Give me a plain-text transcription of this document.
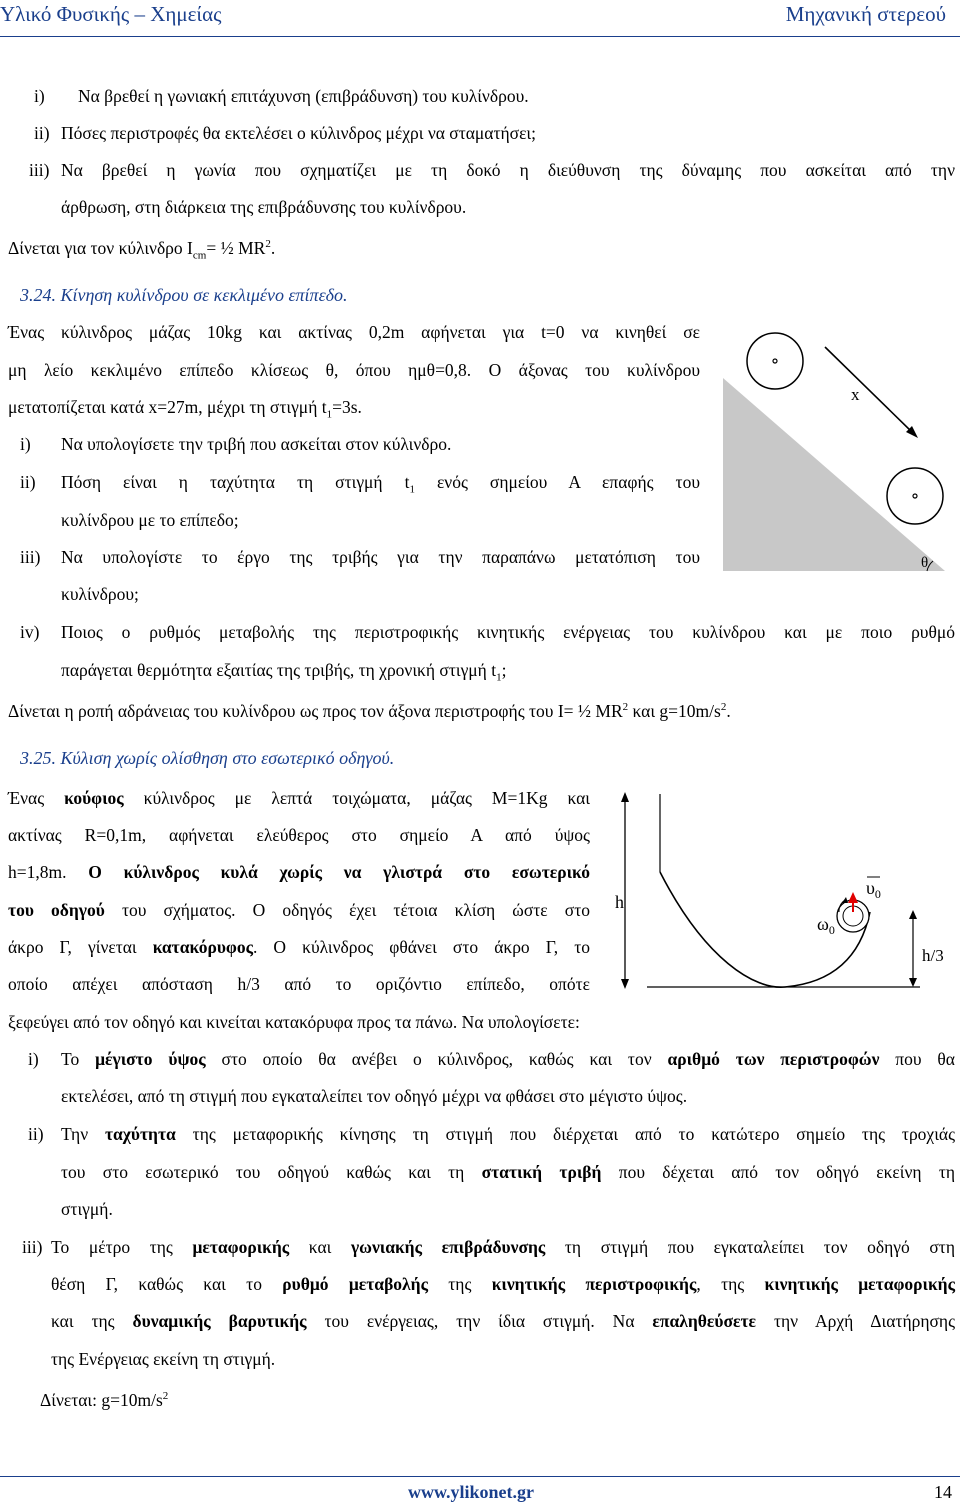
Υλικό Φυσικής – Χημείας	Μηχανική στερεού
i) Να βρεθεί η γωνιακή επιτάχυνση (επιβράδυνση) του κυλίνδρου.
ii) Πόσες περιστροφές θα εκτελέσει ο κύλινδρος μέχρι να σταματήσει;
iii) Να βρεθεί η γωνία που σχηματίζει με τη δοκό η διεύθυνση της δύναμης που ασκείται από την
άρθρωση, στη διάρκεια της επιβράδυνσης του κυλίνδρου.
Δίνεται για τον κύλινδρο $I_{cm}=$ ½ $MR^2$.
3.24. Κίνηση κυλίνδρου σε κεκλιμένο επίπεδο.
Ένας κύλινδρος μάζας 10kg και ακτίνας 0,2m αφήνεται για t=0 να κινηθεί σε
μη λείο κεκλιμένο επίπεδο κλίσεως θ, όπου ημθ=0,8. Ο άξονας του κυλίνδρου
μετατοπίζεται κατά x=27m, μέχρι τη στιγμή $t_1=3s$.
i) Να υπολογίσετε την τριβή που ασκείται στον κύλινδρο.
ii) Πόση είναι η ταχύτητα τη στιγμή $t_1$ ενός σημείου Α επαφής του
κυλίνδρου με το επίπεδο;
iii) Να υπολογίστε το έργο της τριβής για την παραπάνω μετατόπιση του
κυλίνδρου;
iv) Ποιος ο ρυθμός μεταβολής της περιστροφικής κινητικής ενέργειας του κυλίνδρου και με ποιο ρυθμό
παράγεται θερμότητα εξαιτίας της τριβής, τη χρονική στιγμή $t_1$;
Δίνεται η ροπή αδράνειας του κυλίνδρου ως προς τον άξονα περιστροφής του I= ½ $MR^2$ και $g=10m/s^2$.
x
θ
3.25. Κύλιση χωρίς ολίσθηση στο εσωτερικό οδηγού.
Ένας κούφιος κύλινδρος με λεπτά τοιχώματα, μάζας Μ=1Kg και
ακτίνας R=0,1m, αφήνεται ελεύθερος στο σημείο Α από ύψος
h=1,8m. Ο κύλινδρος κυλά χωρίς να γλιστρά στο εσωτερικό
του οδηγού του σχήματος. Ο οδηγός έχει τέτοια κλίση ώστε στο
άκρο Γ, γίνεται κατακόρυφος. Ο κύλινδρος φθάνει στο άκρο Γ, το
οποίο απέχει απόσταση h/3 από το οριζόντιο επίπεδο, οπότε
ξεφεύγει από τον οδηγό και κινείται κατακόρυφα προς τα πάνω. Να υπολογίσετε:
i) Το μέγιστο ύψος στο οποίο θα ανέβει ο κύλινδρος, καθώς και τον αριθμό των περιστροφών που θα
εκτελέσει, από τη στιγμή που εγκαταλείπει τον οδηγό μέχρι να φθάσει στο μέγιστο ύψος.
ii) Την ταχύτητα της μεταφορικής κίνησης τη στιγμή που διέρχεται από το κατώτερο σημείο της τροχιάς
του στο εσωτερικό του οδηγού καθώς και τη στατική τριβή που δέχεται από τον οδηγό εκείνη τη
στιγμή.
iii) Το μέτρο της μεταφορικής και γωνιακής επιβράδυνσης τη στιγμή που εγκαταλείπει τον οδηγό στη
θέση Γ, καθώς και το ρυθμό μεταβολής της κινητικής περιστροφικής, της κινητικής μεταφορικής
και της δυναμικής βαρυτικής του ενέργειας, την ίδια στιγμή. Να επαληθεύσετε την Αρχή Διατήρησης
της Ενέργειας εκείνη τη στιγμή.
Δίνεται: $g=10m/s^2$
h
h/3
$\upsilon_0$
$\omega_0$
www.ylikonet.gr	14
